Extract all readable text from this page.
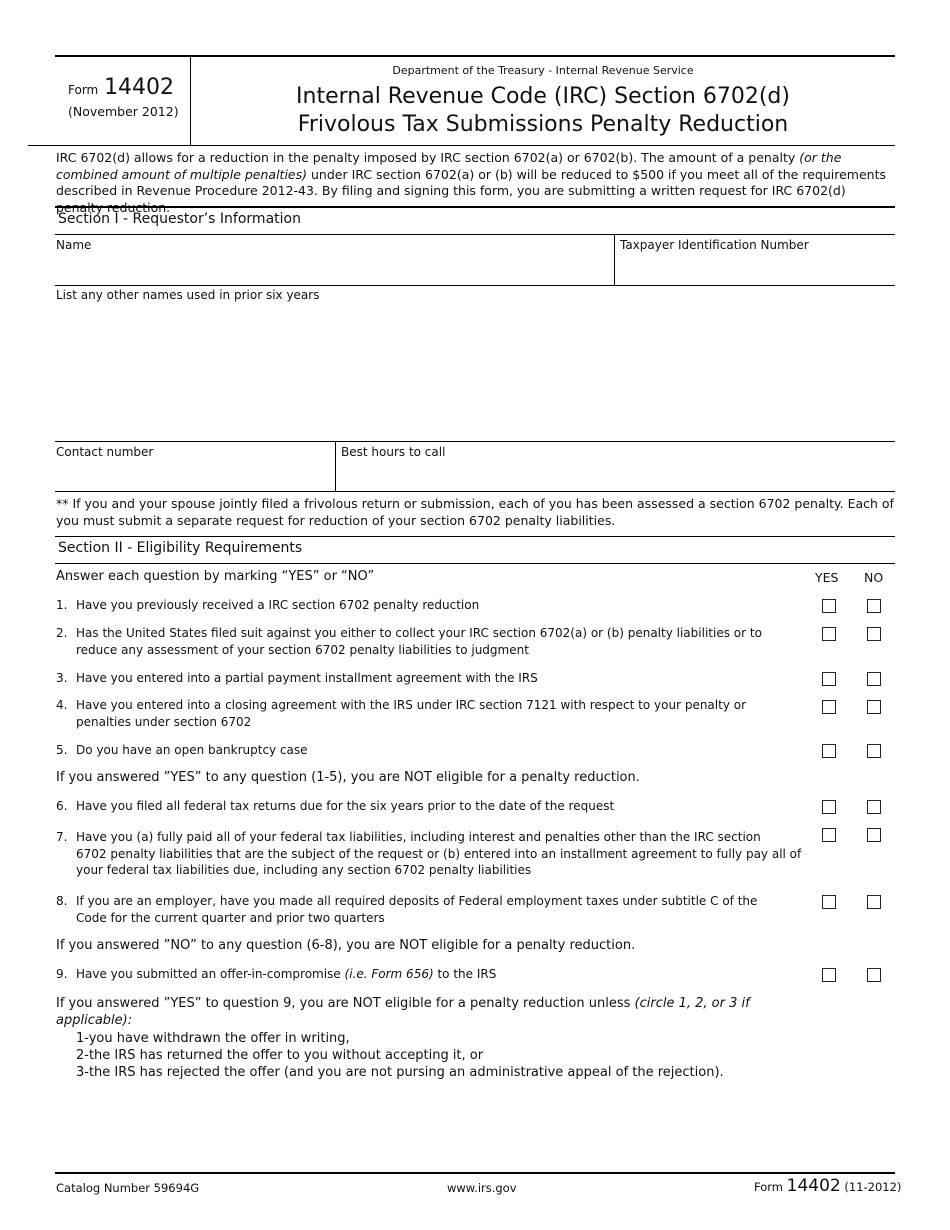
Form 14402
(November 2012)
Department of the Treasury - Internal Revenue Service
Internal Revenue Code (IRC) Section 6702(d)
Frivolous Tax Submissions Penalty Reduction
IRC 6702(d) allows for a reduction in the penalty imposed by IRC section 6702(a) or 6702(b). The amount of a penalty (or the combined amount of multiple penalties) under IRC section 6702(a) or (b) will be reduced to $500 if you meet all of the requirements described in Revenue Procedure 2012-43. By filing and signing this form, you are submitting a written request for IRC 6702(d)
Section I - Requestor’s Information
Name	Taxpayer Identification Number
List any other names used in prior six years
Contact number	Best hours to call
** If you and your spouse jointly filed a frivolous return or submission, each of you has been assessed a section 6702 penalty. Each of you must submit a separate request for reduction of your section 6702 penalty liabilities.
Section II - Eligibility Requirements
Answer each question by marking “YES” or “NO”	YES NO
1. Have you previously received a IRC section 6702 penalty reduction
2. Has the United States filed suit against you either to collect your IRC section 6702(a) or (b) penalty liabilities or to
reduce any assessment of your section 6702 penalty liabilities to judgment
3. Have you entered into a partial payment installment agreement with the IRS
4. Have you entered into a closing agreement with the IRS under IRC section 7121 with respect to your penalty or
penalties under section 6702
5. Do you have an open bankruptcy case
If you answered ”YES” to any question (1-5), you are NOT eligible for a penalty reduction.
6. Have you filed all federal tax returns due for the six years prior to the date of the request
7. Have you (a) fully paid all of your federal tax liabilities, including interest and penalties other than the IRC section
6702 penalty liabilities that are the subject of the request or (b) entered into an installment agreement to fully pay all of
your federal tax liabilities due, including any section 6702 penalty liabilities
8. If you are an employer, have you made all required deposits of Federal employment taxes under subtitle C of the
Code for the current quarter and prior two quarters
If you answered ”NO” to any question (6-8), you are NOT eligible for a penalty reduction.
9. Have you submitted an offer-in-compromise (i.e. Form 656) to the IRS
If you answered ”YES” to question 9, you are NOT eligible for a penalty reduction unless (circle 1, 2, or 3 if applicable):
1-you have withdrawn the offer in writing,
2-the IRS has returned the offer to you without accepting it, or
3-the IRS has rejected the offer (and you are not pursing an administrative appeal of the rejection).
Catalog Number 59694G	www.irs.gov	Form 14402 (11-2012)
